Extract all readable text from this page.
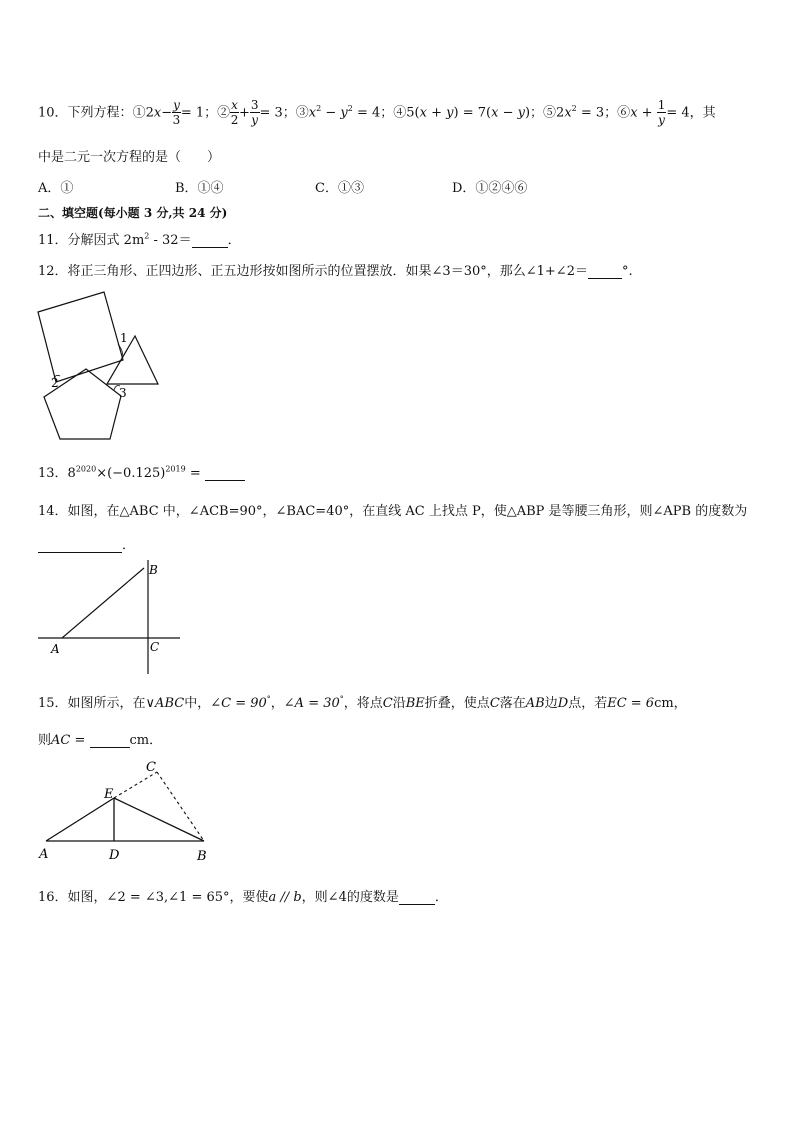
10．下列方程：①2x− $\frac{y}{3} = 1$；② $\frac{x}{2} + \frac{3}{y} = 3$；$③x^2 - y^2 = 4$；④5(x + y) = 7(x − y)；$⑤2x^2 = 3$；⑥x + $\frac{1}{y} = 4$，其
中是二元一次方程的是（　　）
A．①	B．①④	C．①③	D．①②④⑥
二、填空题(每小题 3 分,共 24 分)
11．分解因式 $2m^2 - 32=$	．
12．将正三角形、正四边形、正五边形按如图所示的位置摆放．如果∠3＝30°，那么∠1+∠2＝	°.
1
2
3
13．$8^{2020}\times(-0.125)^{2019}$ =
14．如图，在△ABC 中，∠ACB=90°，∠BAC=40°，在直线 AC 上找点 P，使△ABP 是等腰三角形，则∠APB 的度数为
．
A
B
C
15．如图所示，在∨ABC中，∠C = 90°，∠A = 30°，将点C沿BE折叠，使点C落在AB边D点，若EC = 6cm，
则AC =	cm．
A	B
C
D
E
16．如图，∠2 = ∠3,∠1 = 65°，要使a // b，则∠4的度数是	．
